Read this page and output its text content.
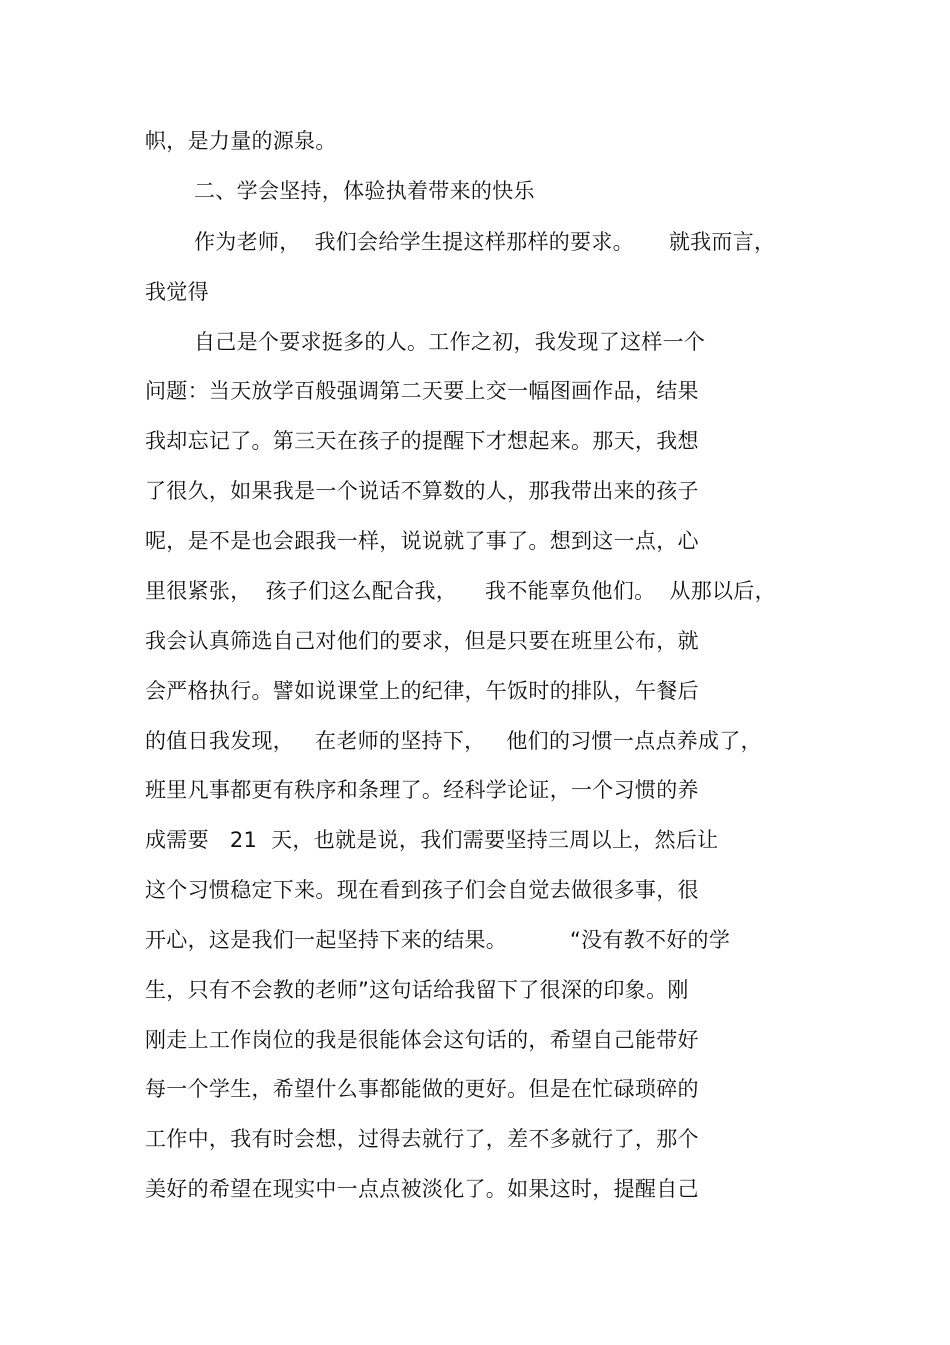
帜，是力量的源泉。
二、学会坚持，体验执着带来的快乐
作为老师，  我们会给学生提这样那样的要求。     就我而言，
我觉得
自己是个要求挺多的人。工作之初，我发现了这样一个
问题：当天放学百般强调第二天要上交一幅图画作品，结果
我却忘记了。第三天在孩子的提醒下才想起来。那天，我想
了很久，如果我是一个说话不算数的人，那我带出来的孩子
呢，是不是也会跟我一样，说说就了事了。想到这一点，心
里很紧张，  孩子们这么配合我，    我不能辜负他们。  从那以后，
我会认真筛选自己对他们的要求，但是只要在班里公布，就
会严格执行。譬如说课堂上的纪律，午饭时的排队，午餐后
的值日我发现，   在老师的坚持下，   他们的习惯一点点养成了，
班里凡事都更有秩序和条理了。经科学论证，一个习惯的养
成需要   21  天，也就是说，我们需要坚持三周以上，然后让
这个习惯稳定下来。现在看到孩子们会自觉去做很多事，很
开心，这是我们一起坚持下来的结果。         “没有教不好的学
生，只有不会教的老师”这句话给我留下了很深的印象。刚
刚走上工作岗位的我是很能体会这句话的，希望自己能带好
每一个学生，希望什么事都能做的更好。但是在忙碌琐碎的
工作中，我有时会想，过得去就行了，差不多就行了，那个
美好的希望在现实中一点点被淡化了。如果这时，提醒自己
